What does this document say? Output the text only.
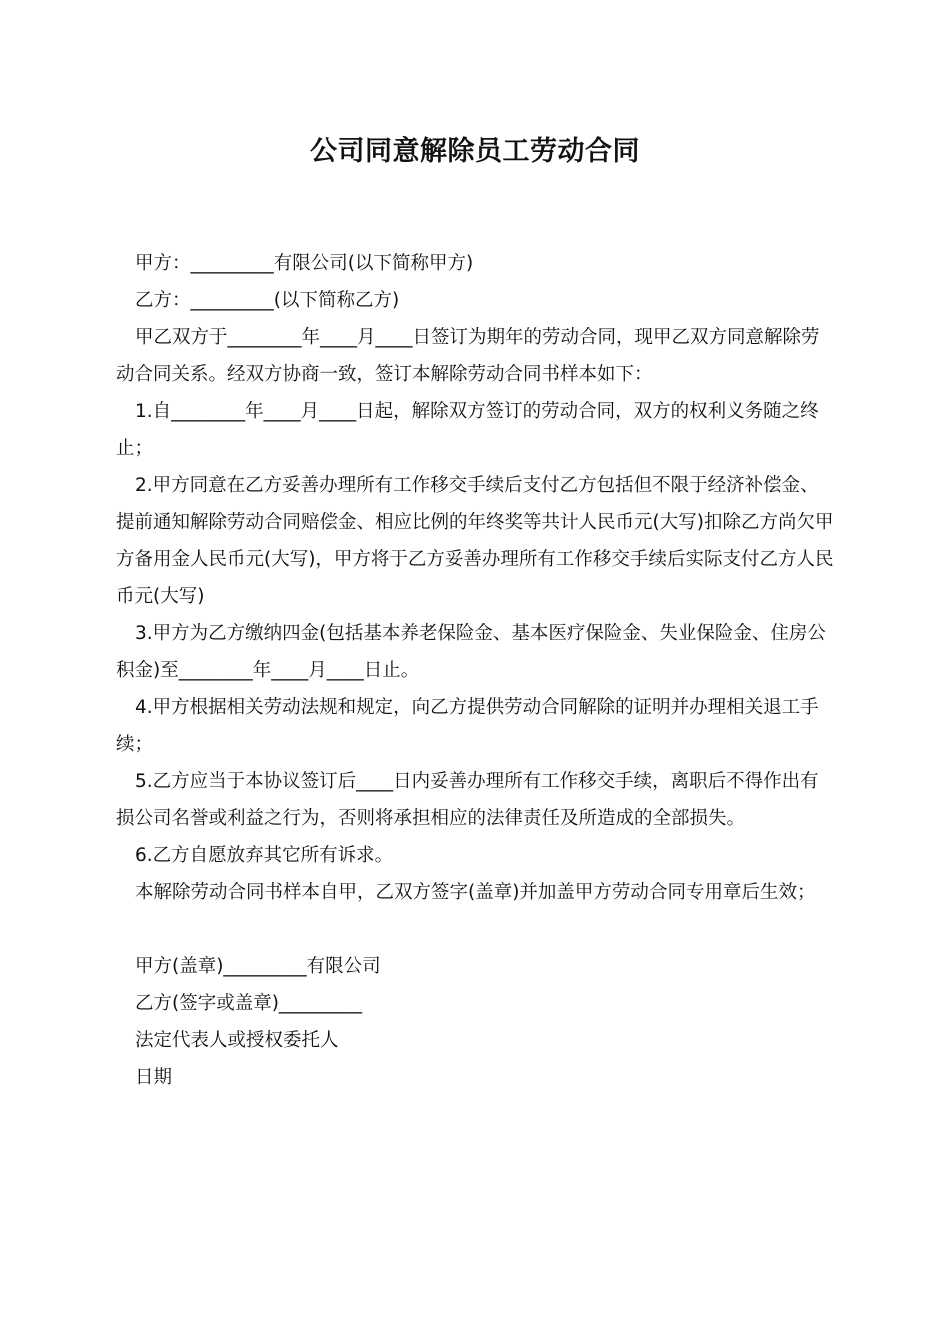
公司同意解除员工劳动合同

甲方：_________有限公司(以下简称甲方)

乙方：_________(以下简称乙方)

甲乙双方于________年____月____日签订为期年的劳动合同，现甲乙双方同意解除劳动合同关系。经双方协商一致，签订本解除劳动合同书样本如下：

1.自________年____月____日起，解除双方签订的劳动合同，双方的权利义务随之终止；

2.甲方同意在乙方妥善办理所有工作移交手续后支付乙方包括但不限于经济补偿金、提前通知解除劳动合同赔偿金、相应比例的年终奖等共计人民币元(大写)扣除乙方尚欠甲方备用金人民币元(大写)，甲方将于乙方妥善办理所有工作移交手续后实际支付乙方人民币元(大写)

3.甲方为乙方缴纳四金(包括基本养老保险金、基本医疗保险金、失业保险金、住房公积金)至________年____月____日止。

4.甲方根据相关劳动法规和规定，向乙方提供劳动合同解除的证明并办理相关退工手续；

5.乙方应当于本协议签订后____日内妥善办理所有工作移交手续，离职后不得作出有损公司名誉或利益之行为，否则将承担相应的法律责任及所造成的全部损失。

6.乙方自愿放弃其它所有诉求。

本解除劳动合同书样本自甲，乙双方签字(盖章)并加盖甲方劳动合同专用章后生效；

甲方(盖章)_________有限公司

乙方(签字或盖章)_________

法定代表人或授权委托人

日期
